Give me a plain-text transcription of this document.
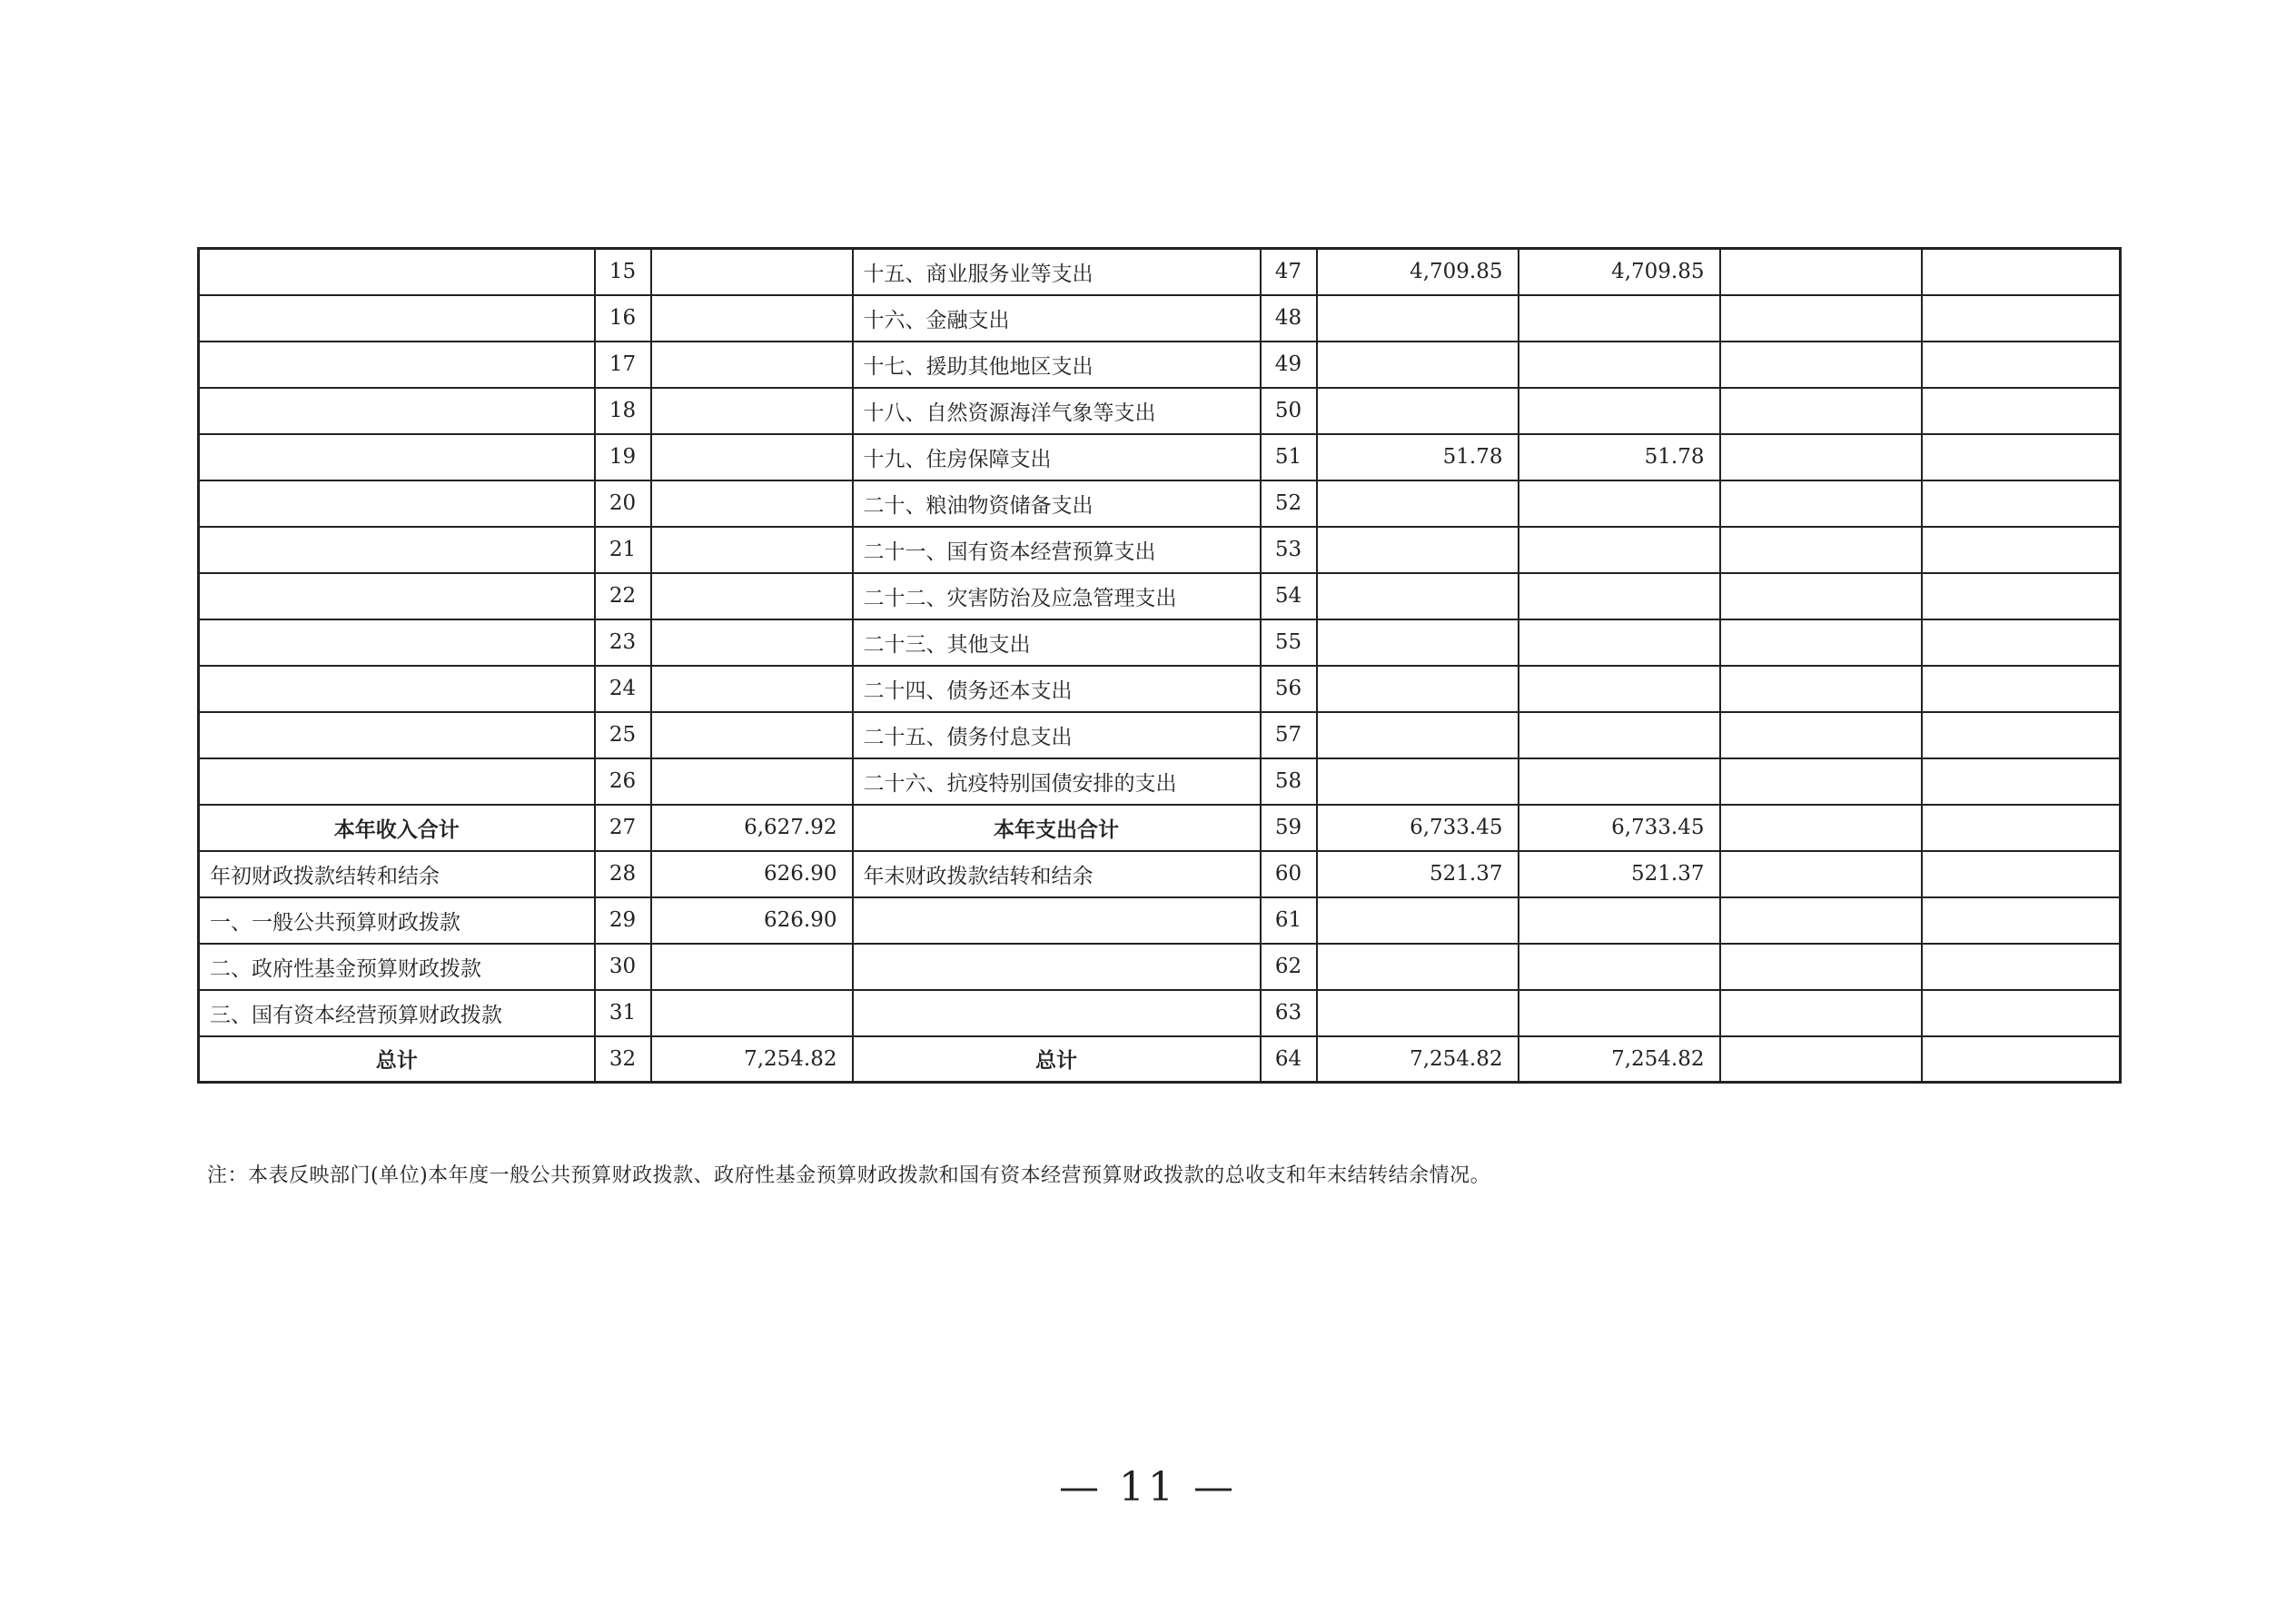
	15		十五、商业服务业等支出	47	4,709.85	4,709.85		
	16		十六、金融支出	48				
	17		十七、援助其他地区支出	49				
	18		十八、自然资源海洋气象等支出	50				
	19		十九、住房保障支出	51	51.78	51.78		
	20		二十、粮油物资储备支出	52				
	21		二十一、国有资本经营预算支出	53				
	22		二十二、灾害防治及应急管理支出	54				
	23		二十三、其他支出	55				
	24		二十四、债务还本支出	56				
	25		二十五、债务付息支出	57				
	26		二十六、抗疫特别国债安排的支出	58				
本年收入合计	27	6,627.92	本年支出合计	59	6,733.45	6,733.45		
年初财政拨款结转和结余	28	626.90	年末财政拨款结转和结余	60	521.37	521.37		
一、一般公共预算财政拨款	29	626.90		61				
二、政府性基金预算财政拨款	30			62				
三、国有资本经营预算财政拨款	31			63				
总计	32	7,254.82	总计	64	7,254.82	7,254.82		
注：本表反映部门(单位)本年度一般公共预算财政拨款、政府性基金预算财政拨款和国有资本经营预算财政拨款的总收支和年末结转结余情况。
— 11 —
